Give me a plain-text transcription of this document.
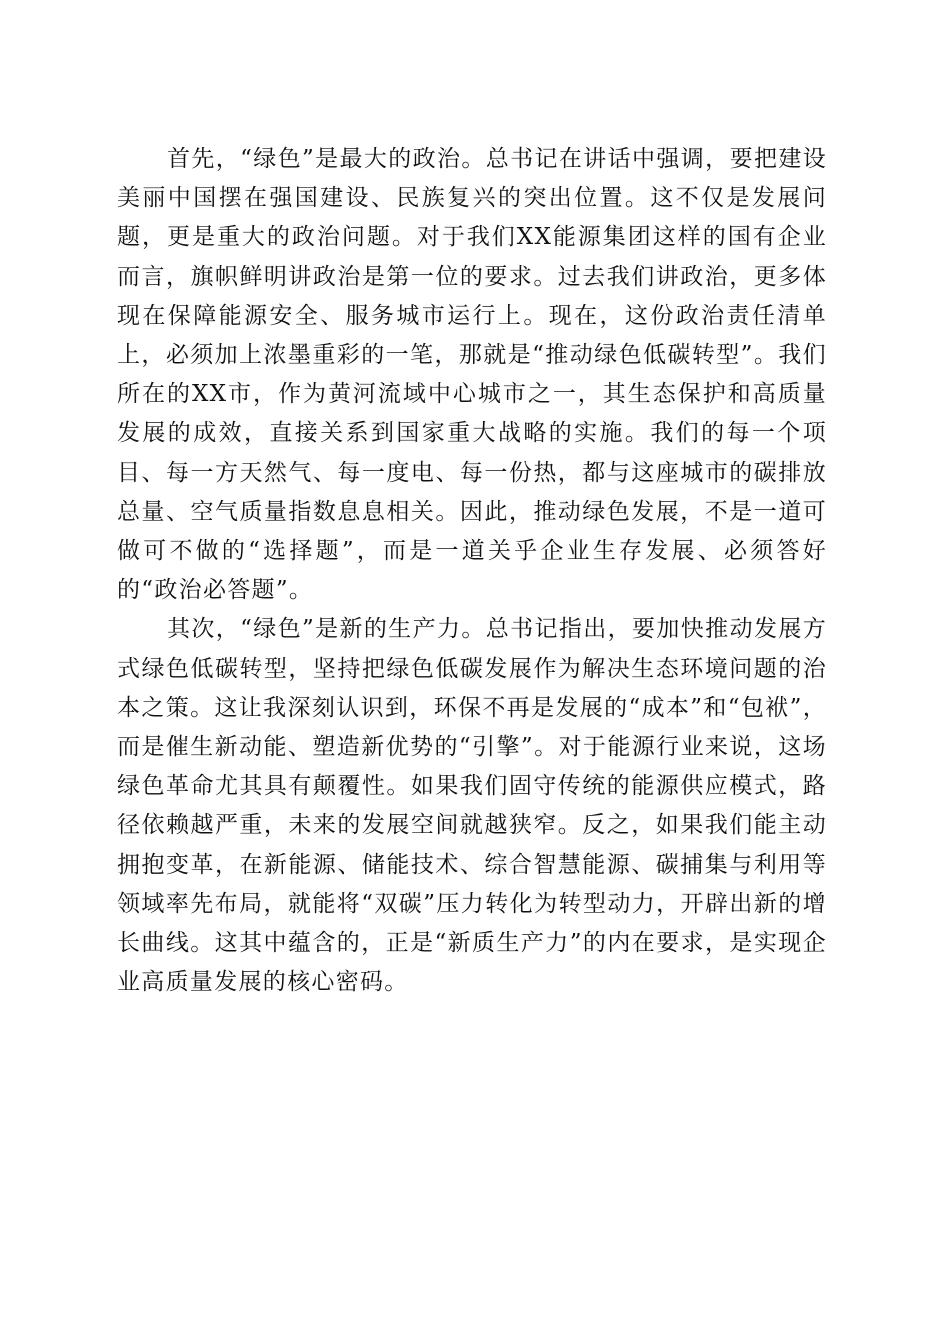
首先，“绿色”是最大的政治。总书记在讲话中强调，要把建设美丽中国摆在强国建设、民族复兴的突出位置。这不仅是发展问题，更是重大的政治问题。对于我们XX能源集团这样的国有企业而言，旗帜鲜明讲政治是第一位的要求。过去我们讲政治，更多体现在保障能源安全、服务城市运行上。现在，这份政治责任清单上，必须加上浓墨重彩的一笔，那就是“推动绿色低碳转型”。我们所在的XX市，作为黄河流域中心城市之一，其生态保护和高质量发展的成效，直接关系到国家重大战略的实施。我们的每一个项目、每一方天然气、每一度电、每一份热，都与这座城市的碳排放总量、空气质量指数息息相关。因此，推动绿色发展，不是一道可做可不做的“选择题”，而是一道关乎企业生存发展、必须答好的“政治必答题”。

其次，“绿色”是新的生产力。总书记指出，要加快推动发展方式绿色低碳转型，坚持把绿色低碳发展作为解决生态环境问题的治本之策。这让我深刻认识到，环保不再是发展的“成本”和“包袱”，而是催生新动能、塑造新优势的“引擎”。对于能源行业来说，这场绿色革命尤其具有颠覆性。如果我们固守传统的能源供应模式，路径依赖越严重，未来的发展空间就越狭窄。反之，如果我们能主动拥抱变革，在新能源、储能技术、综合智慧能源、碳捕集与利用等领域率先布局，就能将“双碳”压力转化为转型动力，开辟出新的增长曲线。这其中蕴含的，正是“新质生产力”的内在要求，是实现企业高质量发展的核心密码。
